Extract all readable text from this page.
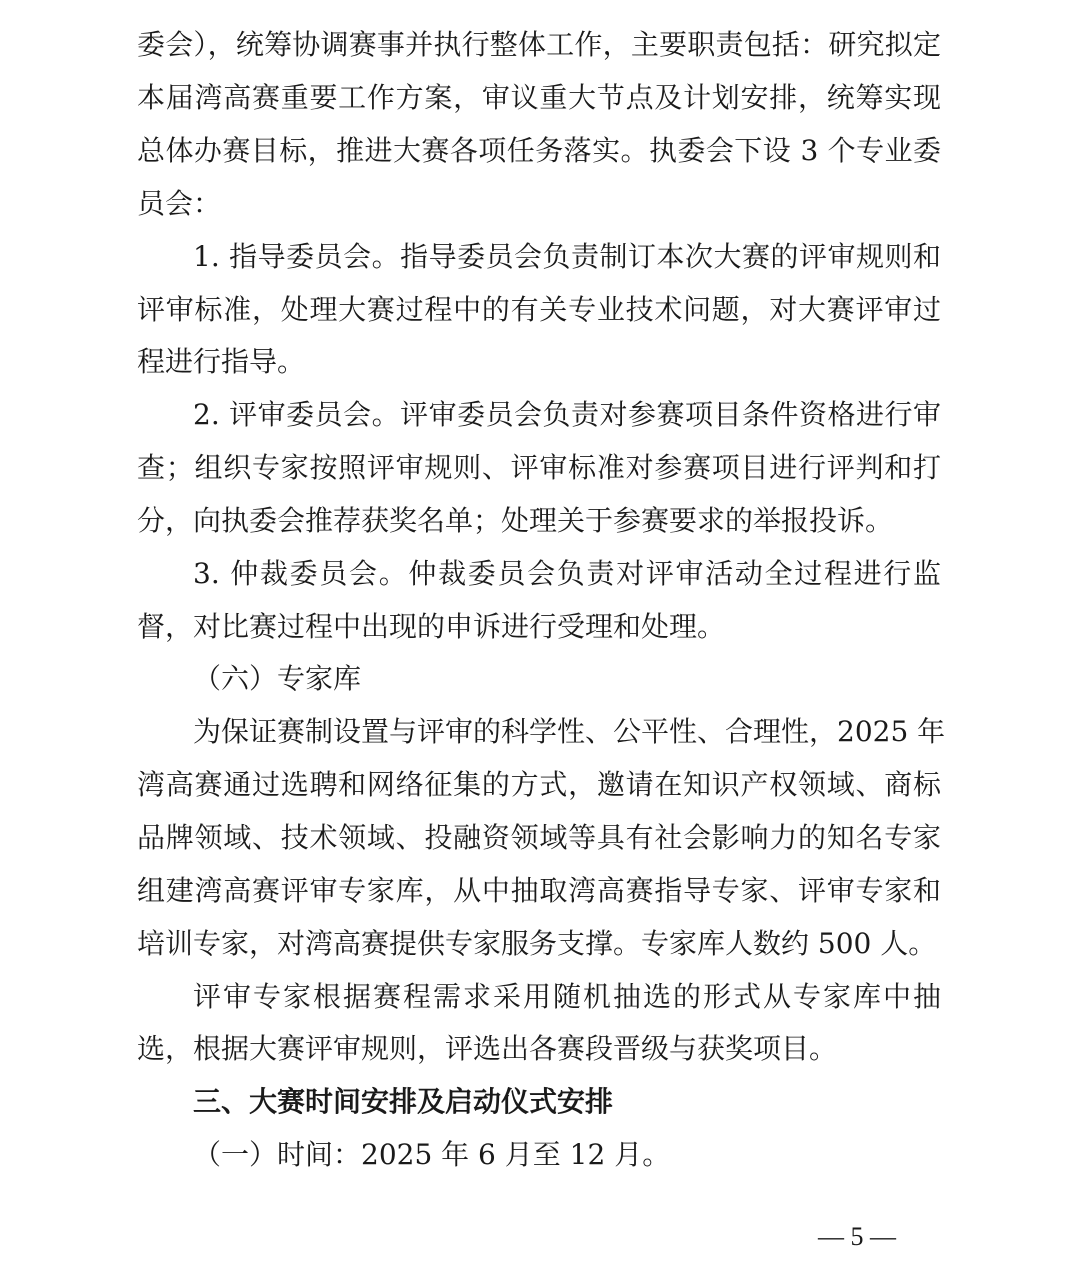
委会），统筹协调赛事并执行整体工作，主要职责包括：研究拟定
本届湾高赛重要工作方案，审议重大节点及计划安排，统筹实现
总体办赛目标，推进大赛各项任务落实。执委会下设 3 个专业委
员会：
1. 指导委员会。指导委员会负责制订本次大赛的评审规则和
评审标准，处理大赛过程中的有关专业技术问题，对大赛评审过
程进行指导。
2. 评审委员会。评审委员会负责对参赛项目条件资格进行审
查；组织专家按照评审规则、评审标准对参赛项目进行评判和打
分，向执委会推荐获奖名单；处理关于参赛要求的举报投诉。
3. 仲裁委员会。仲裁委员会负责对评审活动全过程进行监
督，对比赛过程中出现的申诉进行受理和处理。
（六）专家库
为保证赛制设置与评审的科学性、公平性、合理性，2025 年
湾高赛通过选聘和网络征集的方式，邀请在知识产权领域、商标
品牌领域、技术领域、投融资领域等具有社会影响力的知名专家
组建湾高赛评审专家库，从中抽取湾高赛指导专家、评审专家和
培训专家，对湾高赛提供专家服务支撑。专家库人数约 500 人。
评审专家根据赛程需求采用随机抽选的形式从专家库中抽
选，根据大赛评审规则，评选出各赛段晋级与获奖项目。
三、大赛时间安排及启动仪式安排
（一）时间：2025 年 6 月至 12 月。
— 5 —
